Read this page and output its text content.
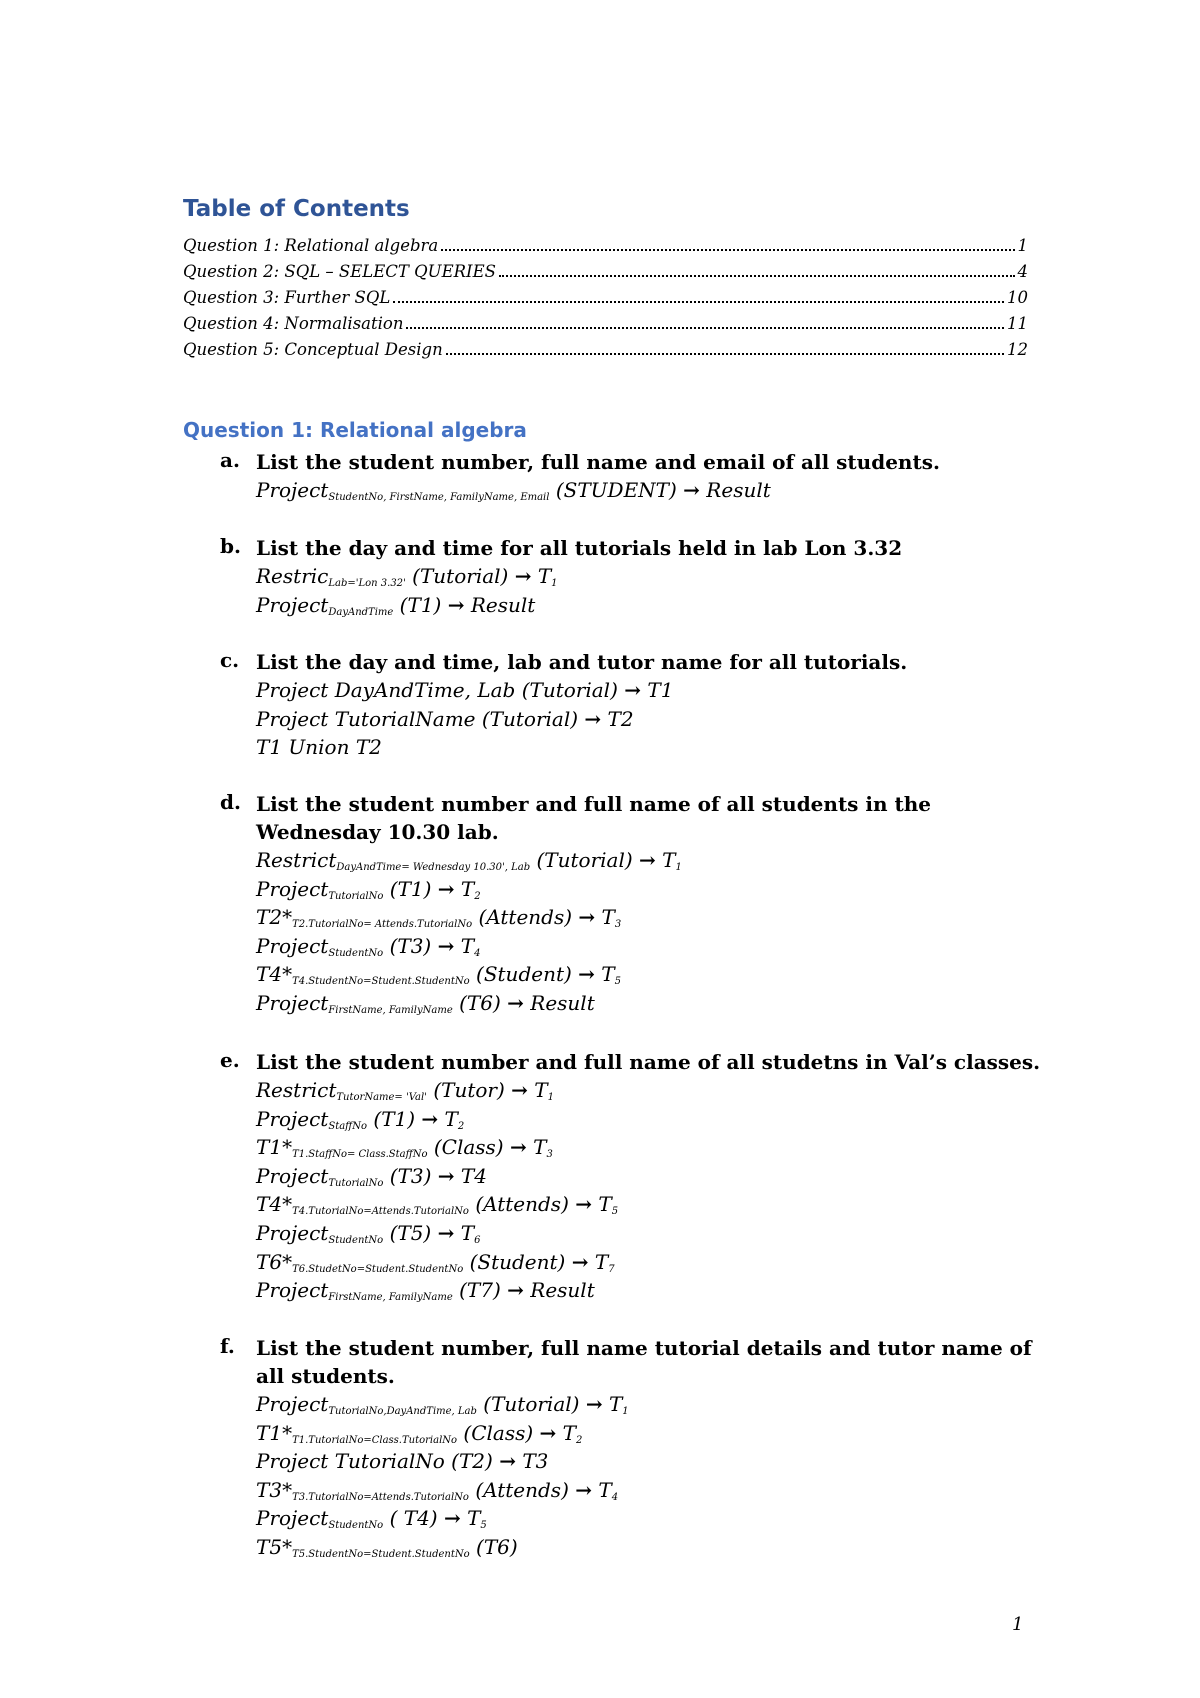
Table of Contents
Question 1: Relational algebra	1
Question 2: SQL – SELECT QUERIES	4
Question 3: Further SQL	10
Question 4: Normalisation	11
Question 5: Conceptual Design	12
Question 1: Relational algebra
a. List the student number, full name and email of all students.
Project$_{StudentNo, FirstName, FamilyName, Email}$ (STUDENT) → Result
b. List the day and time for all tutorials held in lab Lon 3.32
Restric$_{Lab='Lon 3.32'}$ (Tutorial) → $T_1$
Project$_{DayAndTime}$ (T1) → Result
c. List the day and time, lab and tutor name for all tutorials.
Project DayAndTime, Lab (Tutorial) → T1
Project TutorialName (Tutorial) → T2
T1 Union T2
d. List the student number and full name of all students in the Wednesday 10.30 lab.
Restrict$_{DayAndTime= Wednesday 10.30', Lab}$ (Tutorial) → $T_1$
Project$_{TutorialNo}$ $(T1) \to T_2$
$T2*_{T2.TutorialNo= Attends.TutorialNo}$ (Attends) → $T_3$
Project$_{StudentNo}$ $(T3) \to T_4$
$T4*_{T4.StudentNo=Student.StudentNo}$ (Student) → $T_5$
Project$_{FirstName, FamilyName}$ (T6) → Result
e. List the student number and full name of all studetns in Val’s classes.
Restrict$_{TutorName= 'Val'}$ (Tutor) → $T_1$
Project$_{StaffNo}$ $(T1) \to T_2$
$T1*_{T1.StaffNo= Class.StaffNo}$ (Class) → $T_3$
Project$_{TutorialNo}$ (T3) → T4
$T4*_{T4.TutorialNo=Attends.TutorialNo}$ (Attends) → $T_5$
Project$_{StudentNo}$ $(T5) \to T_6$
$T6*_{T6.StudetNo=Student.StudentNo}$ (Student) → $T_7$
Project$_{FirstName, FamilyName}$ (T7) → Result
f. List the student number, full name tutorial details and tutor name of all students.
Project$_{TutorialNo,DayAndTime, Lab}$ (Tutorial) → $T_1$
$T1*_{T1.TutorialNo=Class.TutorialNo}$ (Class) → $T_2$
Project TutorialNo (T2) → T3
$T3*_{T3.TutorialNo=Attends.TutorialNo}$ (Attends) → $T_4$
Project$_{StudentNo}$ ( $T4) \to T_5$
$T5*_{T5.StudentNo=Student.StudentNo}$ (T6)
1
